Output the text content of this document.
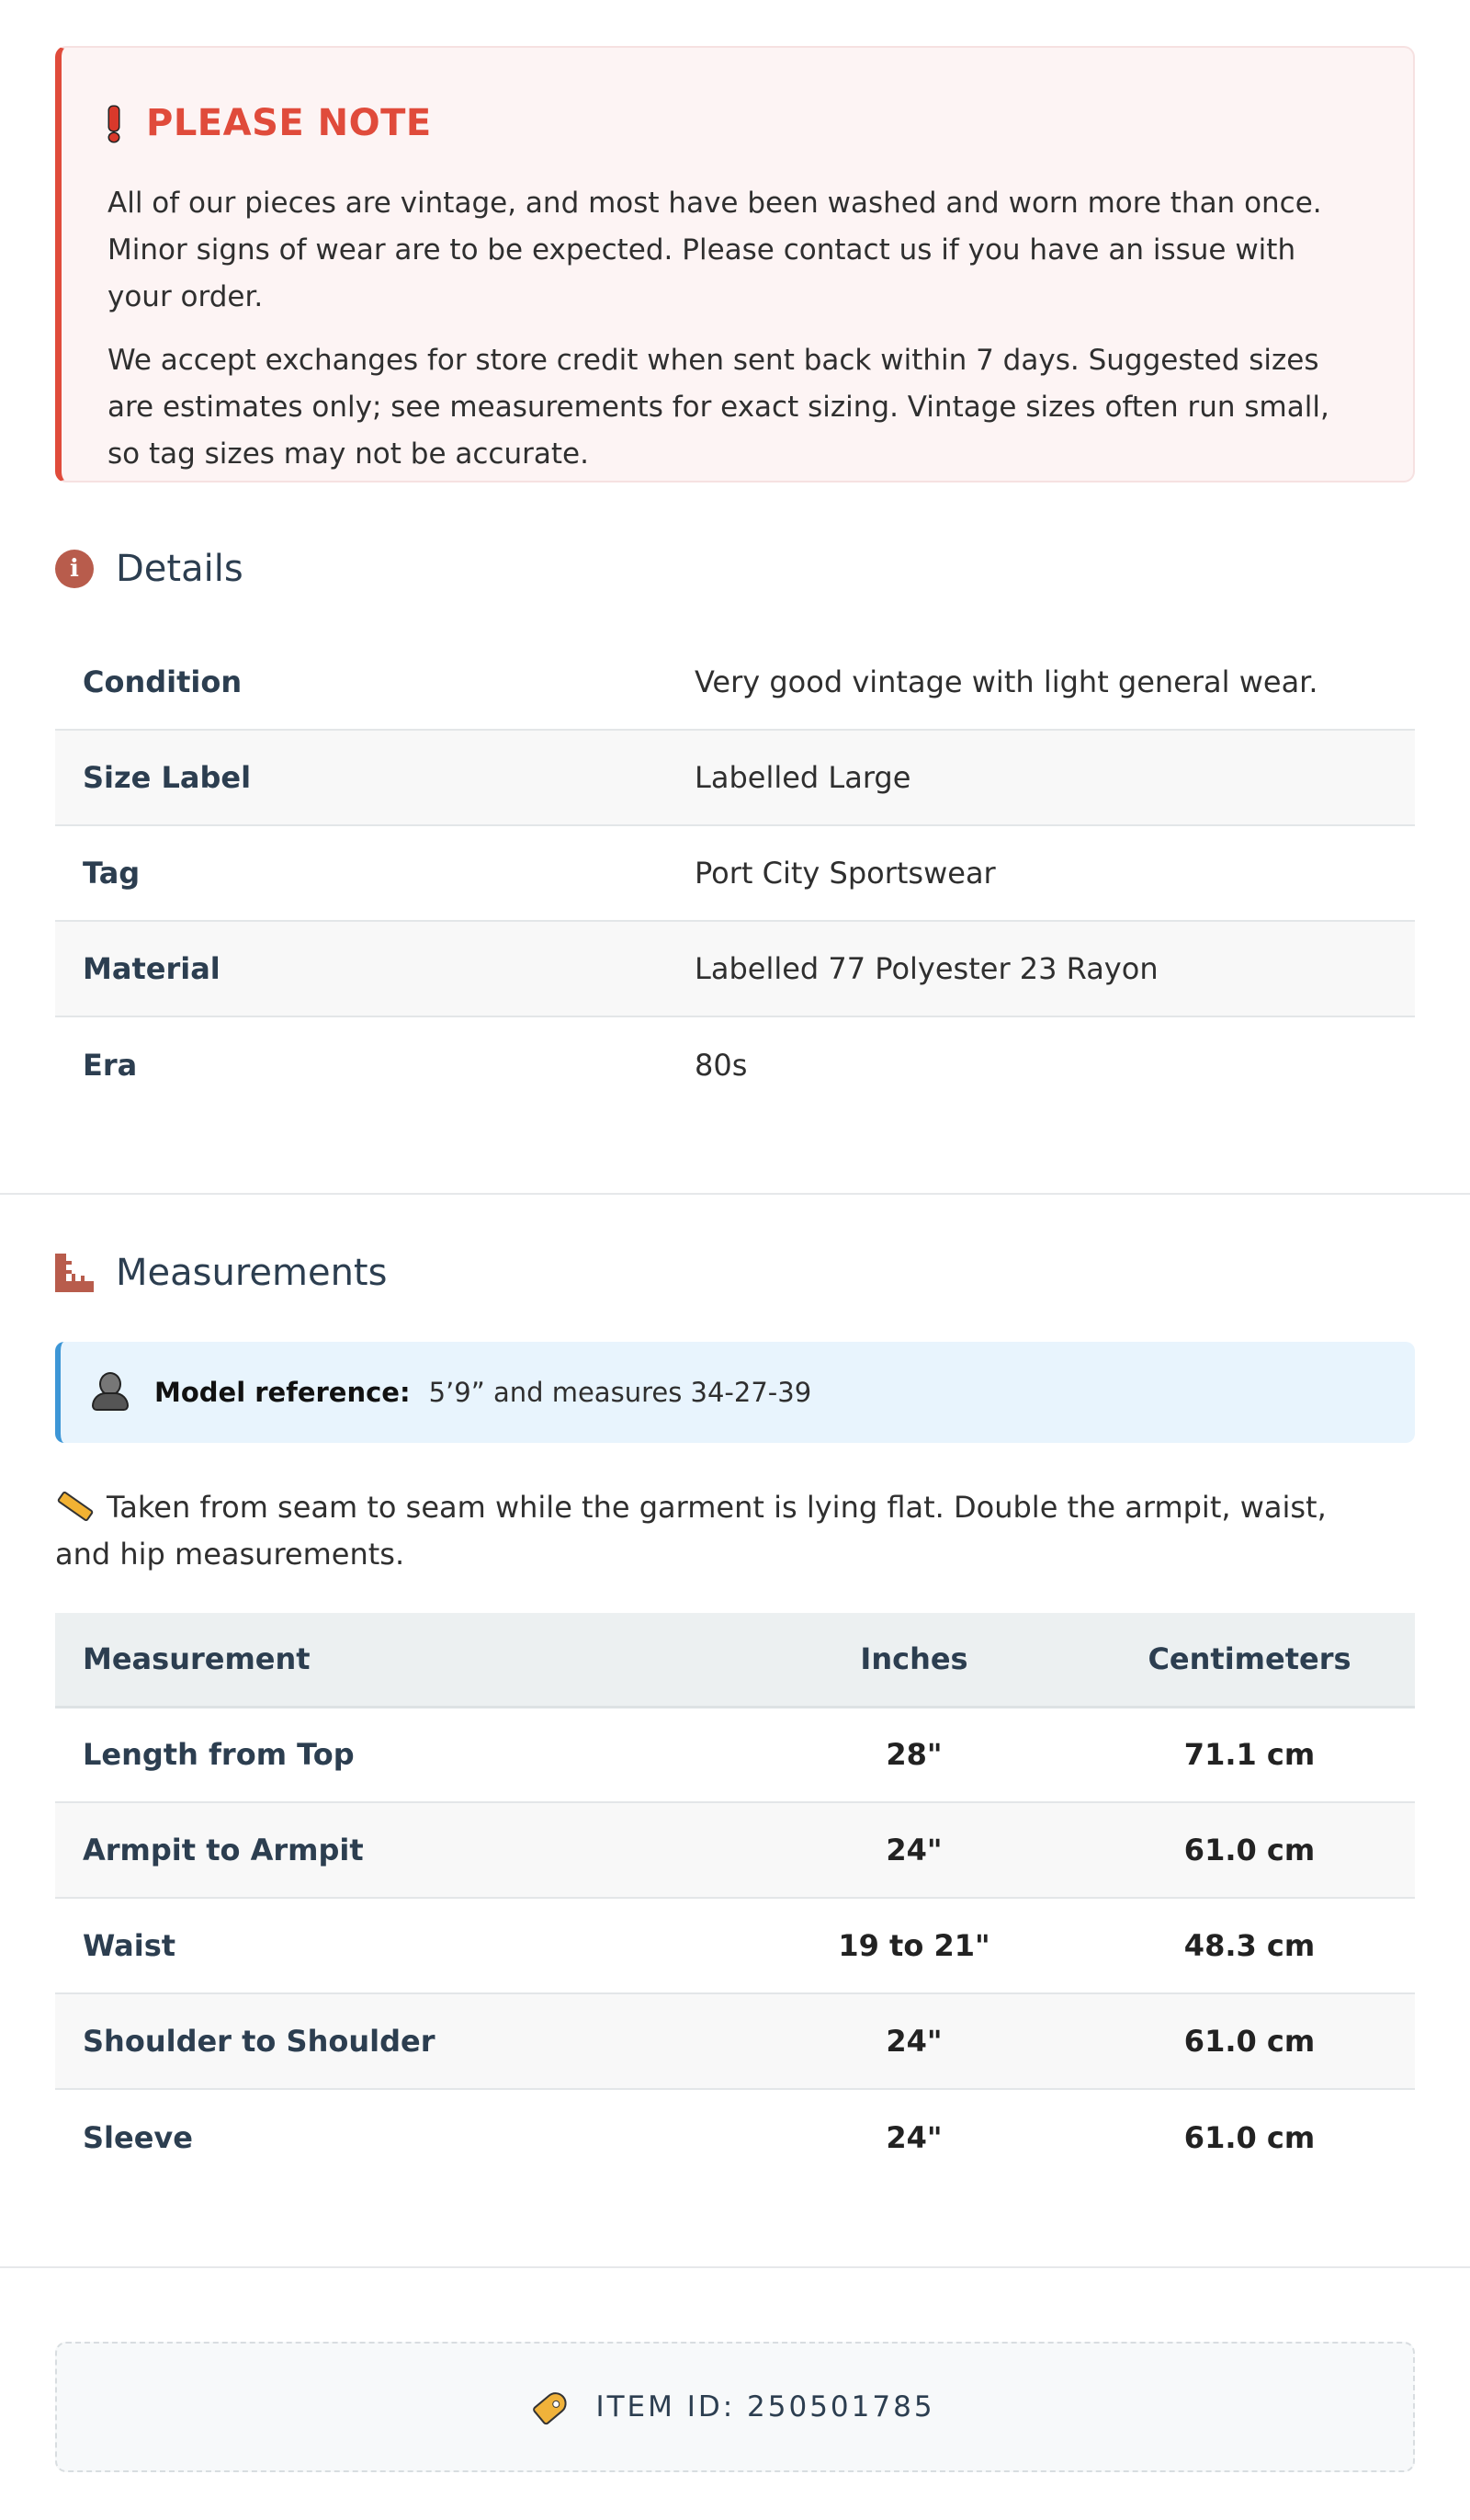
PLEASE NOTE

All of our pieces are vintage, and most have been washed and worn more than once. Minor signs of wear are to be expected. Please contact us if you have an issue with your order.

We accept exchanges for store credit when sent back within 7 days. Suggested sizes are estimates only; see measurements for exact sizing. Vintage sizes often run small, so tag sizes may not be accurate.

i	Details
Condition	Very good vintage with light general wear.
Size Label	Labelled Large
Tag	Port City Sportswear
Material	Labelled 77 Polyester 23 Rayon
Era	80s
Measurements
Model reference: 5’9” and measures 34-27-39
Taken from seam to seam while the garment is lying flat. Double the armpit, waist, and hip measurements.
Measurement	Inches	Centimeters
Length from Top	28"	71.1 cm
Armpit to Armpit	24"	61.0 cm
Waist	19 to 21"	48.3 cm
Shoulder to Shoulder	24"	61.0 cm
Sleeve	24"	61.0 cm
ITEM ID: 250501785
